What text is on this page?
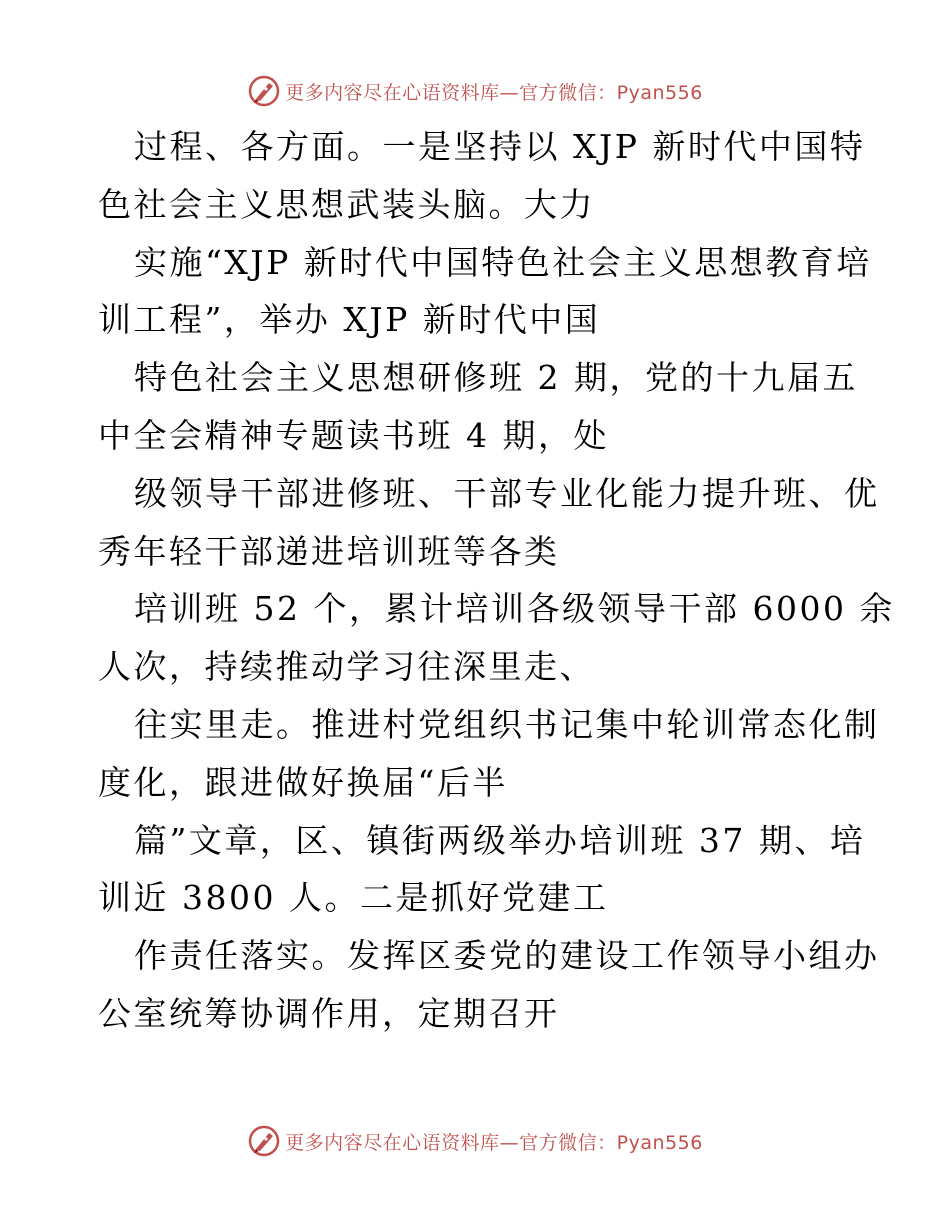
更多内容尽在心语资料库—官方微信：Pyan556
过程、各方面。一是坚持以 XJP 新时代中国特
色社会主义思想武装头脑。大力
实施“XJP 新时代中国特色社会主义思想教育培
训工程”，举办 XJP 新时代中国
特色社会主义思想研修班 2 期，党的十九届五
中全会精神专题读书班 4 期，处
级领导干部进修班、干部专业化能力提升班、优
秀年轻干部递进培训班等各类
培训班 52 个，累计培训各级领导干部 6000 余
人次，持续推动学习往深里走、
往实里走。推进村党组织书记集中轮训常态化制
度化，跟进做好换届“后半
篇”文章，区、镇街两级举办培训班 37 期、培
训近 3800 人。二是抓好党建工
作责任落实。发挥区委党的建设工作领导小组办
公室统筹协调作用，定期召开
更多内容尽在心语资料库—官方微信：Pyan556
